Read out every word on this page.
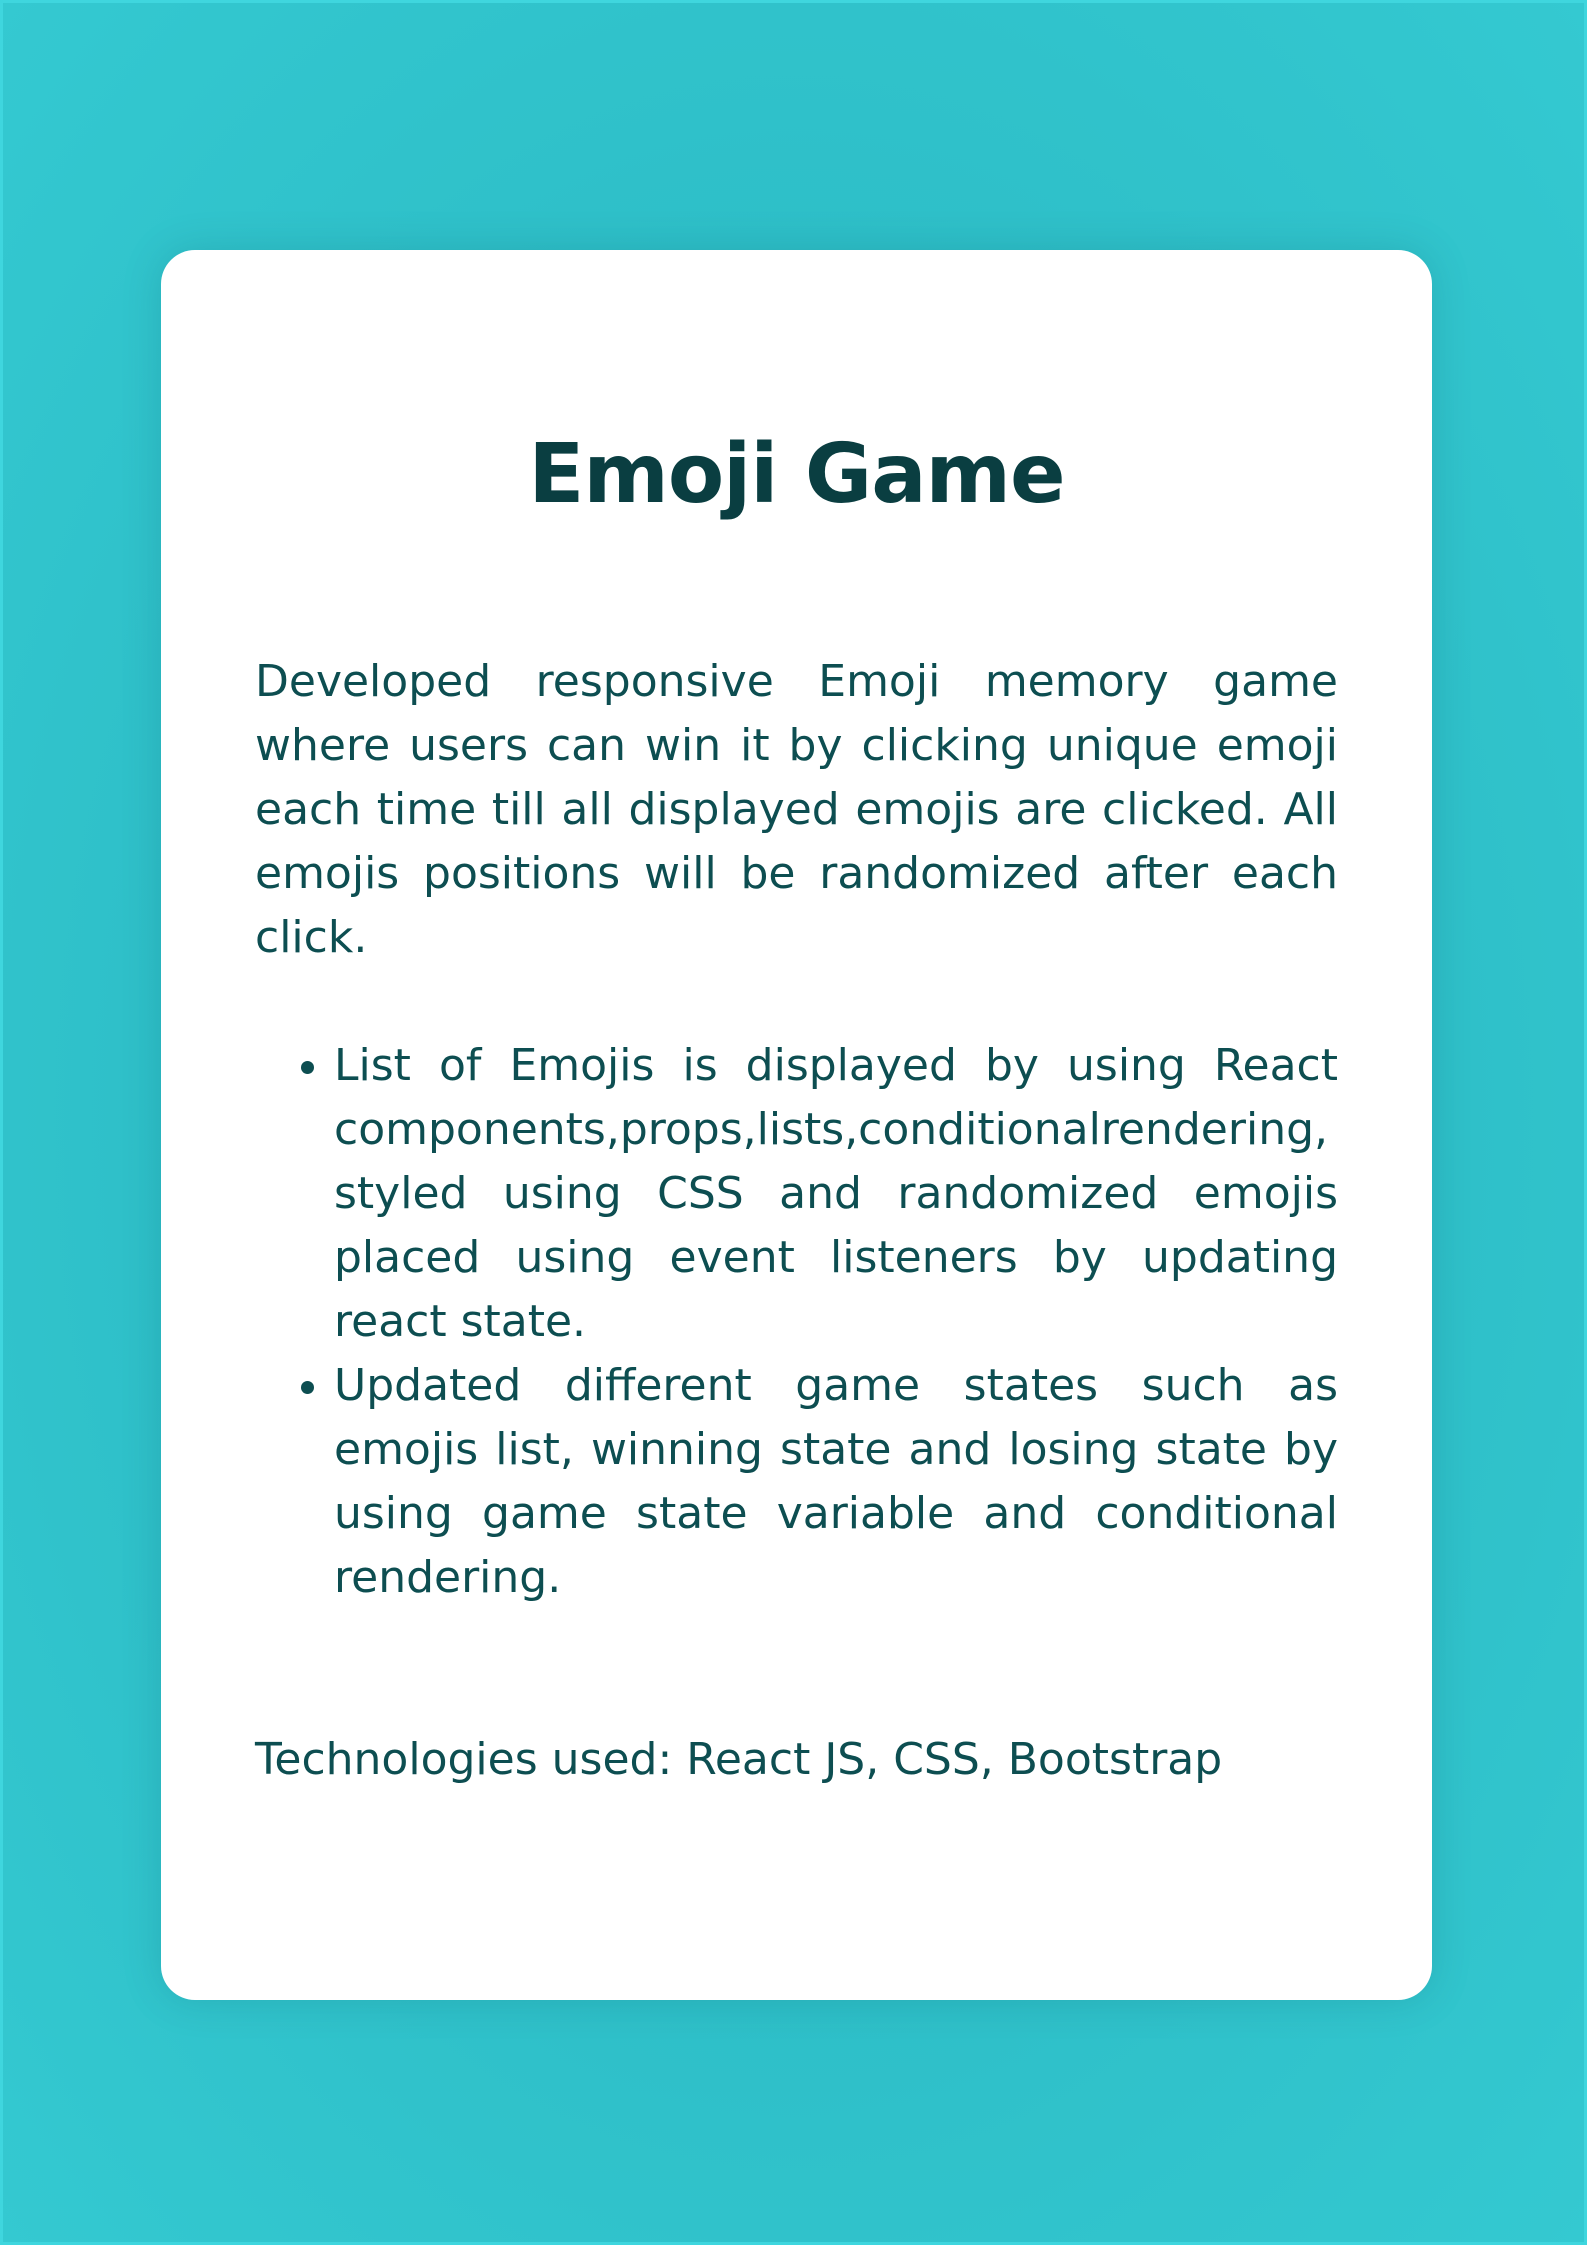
Emoji Game

Developed responsive Emoji memory game where users can win it by clicking unique emoji each time till all displayed emojis are clicked. All emojis positions will be randomized after each click.

• List of Emojis is displayed by using React components,props,lists,conditionalrendering, styled using CSS and randomized emojis placed using event listeners by updating react state.
• Updated different game states such as emojis list, winning state and losing state by using game state variable and conditional rendering.

Technologies used: React JS, CSS, Bootstrap
